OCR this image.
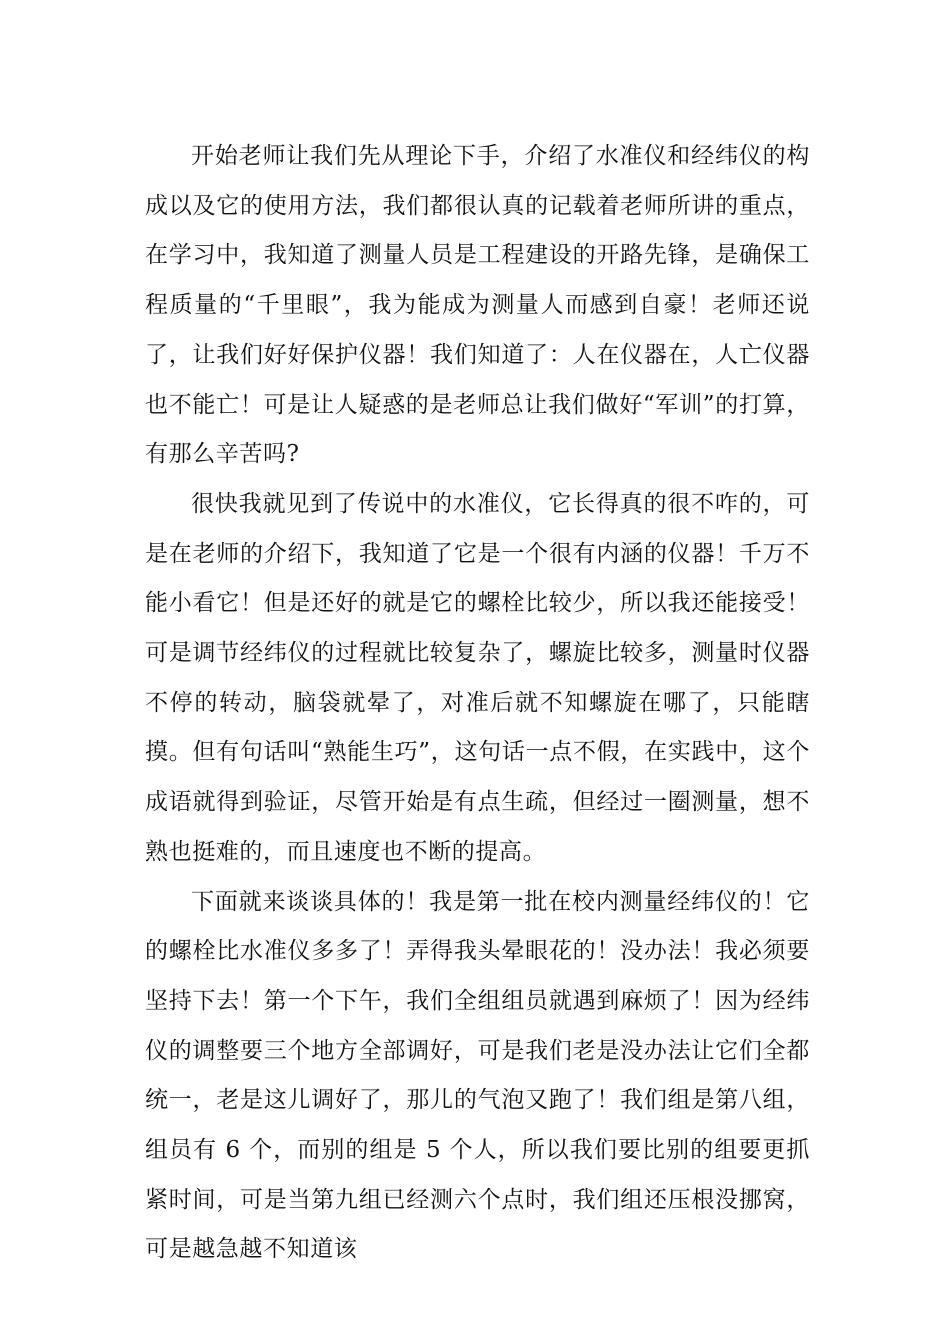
开始老师让我们先从理论下手，介绍了水准仪和经纬仪的构成以及它的使用方法，我们都很认真的记载着老师所讲的重点，在学习中，我知道了测量人员是工程建设的开路先锋，是确保工程质量的“千里眼”，我为能成为测量人而感到自豪！老师还说了，让我们好好保护仪器！我们知道了：人在仪器在，人亡仪器也不能亡！可是让人疑惑的是老师总让我们做好“军训”的打算，有那么辛苦吗?

很快我就见到了传说中的水准仪，它长得真的很不咋的，可是在老师的介绍下，我知道了它是一个很有内涵的仪器！千万不能小看它！但是还好的就是它的螺栓比较少，所以我还能接受！可是调节经纬仪的过程就比较复杂了，螺旋比较多，测量时仪器不停的转动，脑袋就晕了，对准后就不知螺旋在哪了，只能瞎摸。但有句话叫“熟能生巧”，这句话一点不假，在实践中，这个成语就得到验证，尽管开始是有点生疏，但经过一圈测量，想不熟也挺难的，而且速度也不断的提高。

下面就来谈谈具体的！我是第一批在校内测量经纬仪的！它的螺栓比水准仪多多了！弄得我头晕眼花的！没办法！我必须要坚持下去！第一个下午，我们全组组员就遇到麻烦了！因为经纬仪的调整要三个地方全部调好，可是我们老是没办法让它们全都统一，老是这儿调好了，那儿的气泡又跑了！我们组是第八组，组员有 6 个，而别的组是 5 个人，所以我们要比别的组要更抓紧时间，可是当第九组已经测六个点时，我们组还压根没挪窝，可是越急越不知道该
